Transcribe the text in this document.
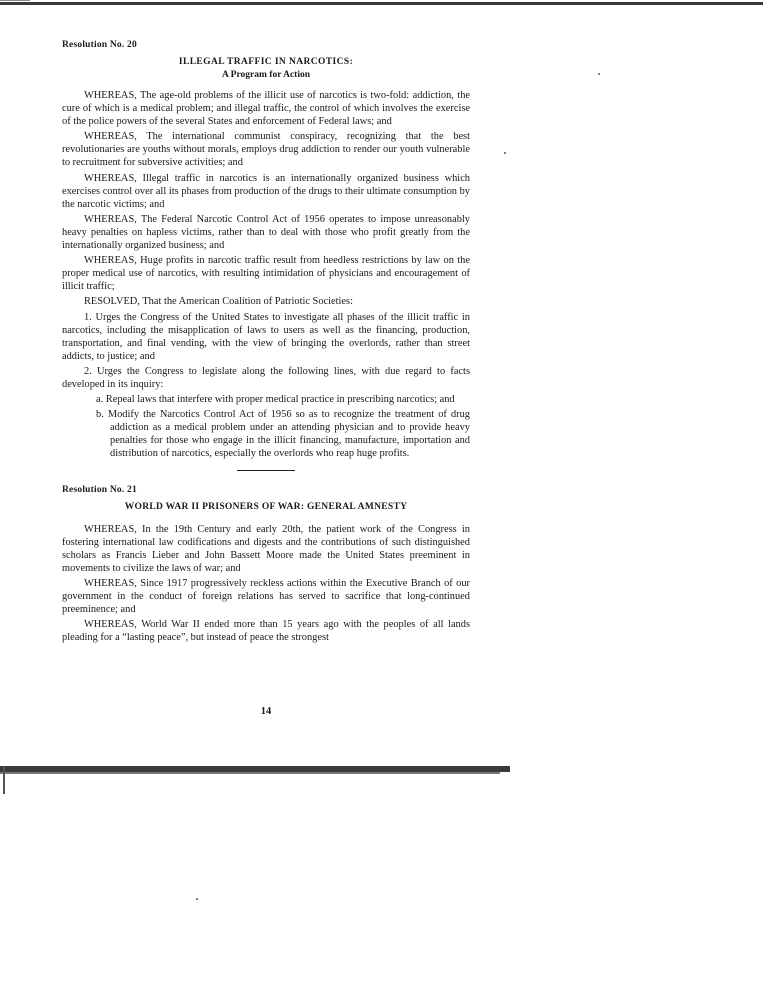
Resolution No. 20

ILLEGAL TRAFFIC IN NARCOTICS:

A Program for Action

WHEREAS, The age-old problems of the illicit use of narcotics is two-fold: addiction, the cure of which is a medical problem; and illegal traffic, the control of which involves the exercise of the police powers of the several States and enforcement of Federal laws; and

WHEREAS, The international communist conspiracy, recognizing that the best revolutionaries are youths without morals, employs drug addiction to render our youth vulnerable to recruitment for subversive activities; and

WHEREAS, Illegal traffic in narcotics is an internationally organized business which exercises control over all its phases from production of the drugs to their ultimate consumption by the narcotic victims; and

WHEREAS, The Federal Narcotic Control Act of 1956 operates to impose unreasonably heavy penalties on hapless victims, rather than to deal with those who profit greatly from the internationally organized business; and

WHEREAS, Huge profits in narcotic traffic result from heedless restrictions by law on the proper medical use of narcotics, with resulting intimidation of physicians and encouragement of illicit traffic;

RESOLVED, That the American Coalition of Patriotic Societies:

1. Urges the Congress of the United States to investigate all phases of the illicit traffic in narcotics, including the misapplication of laws to users as well as the financing, production, transportation, and final vending, with the view of bringing the overlords, rather than street addicts, to justice; and

2. Urges the Congress to legislate along the following lines, with due regard to facts developed in its inquiry:

a. Repeal laws that interfere with proper medical practice in prescribing narcotics; and

b. Modify the Narcotics Control Act of 1956 so as to recognize the treatment of drug addiction as a medical problem under an attending physician and to provide heavy penalties for those who engage in the illicit financing, manufacture, importation and distribution of narcotics, especially the overlords who reap huge profits.

Resolution No. 21

WORLD WAR II PRISONERS OF WAR: GENERAL AMNESTY

WHEREAS, In the 19th Century and early 20th, the patient work of the Congress in fostering international law codifications and digests and the contributions of such distinguished scholars as Francis Lieber and John Bassett Moore made the United States preeminent in movements to civilize the laws of war; and

WHEREAS, Since 1917 progressively reckless actions within the Executive Branch of our government in the conduct of foreign relations has served to sacrifice that long-continued preeminence; and

WHEREAS, World War II ended more than 15 years ago with the peoples of all lands pleading for a “lasting peace”, but instead of peace the strongest

14
